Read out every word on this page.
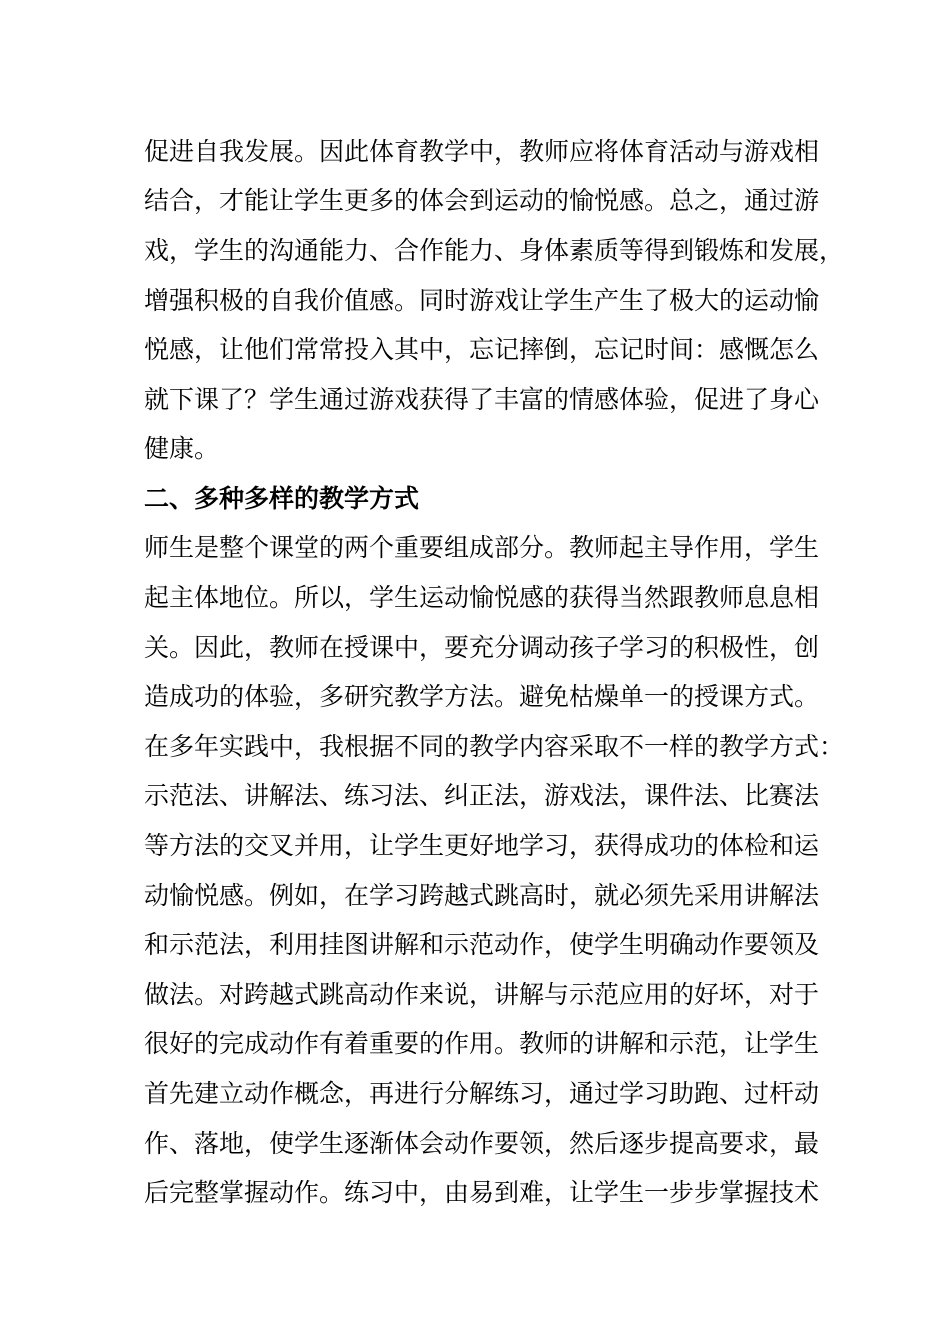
促进自我发展。因此体育教学中，教师应将体育活动与游戏相
结合，才能让学生更多的体会到运动的愉悦感。总之，通过游
戏，学生的沟通能力、合作能力、身体素质等得到锻炼和发展，
增强积极的自我价值感。同时游戏让学生产生了极大的运动愉
悦感，让他们常常投入其中，忘记摔倒，忘记时间：感慨怎么
就下课了？学生通过游戏获得了丰富的情感体验，促进了身心
健康。
二、多种多样的教学方式
师生是整个课堂的两个重要组成部分。教师起主导作用，学生
起主体地位。所以，学生运动愉悦感的获得当然跟教师息息相
关。因此，教师在授课中，要充分调动孩子学习的积极性，创
造成功的体验，多研究教学方法。避免枯燥单一的授课方式。
在多年实践中，我根据不同的教学内容采取不一样的教学方式：
示范法、讲解法、练习法、纠正法，游戏法，课件法、比赛法
等方法的交叉并用，让学生更好地学习，获得成功的体检和运
动愉悦感。例如，在学习跨越式跳高时，就必须先采用讲解法
和示范法，利用挂图讲解和示范动作，使学生明确动作要领及
做法。对跨越式跳高动作来说，讲解与示范应用的好坏，对于
很好的完成动作有着重要的作用。教师的讲解和示范，让学生
首先建立动作概念，再进行分解练习，通过学习助跑、过杆动
作、落地，使学生逐渐体会动作要领，然后逐步提高要求，最
后完整掌握动作。练习中，由易到难，让学生一步步掌握技术
